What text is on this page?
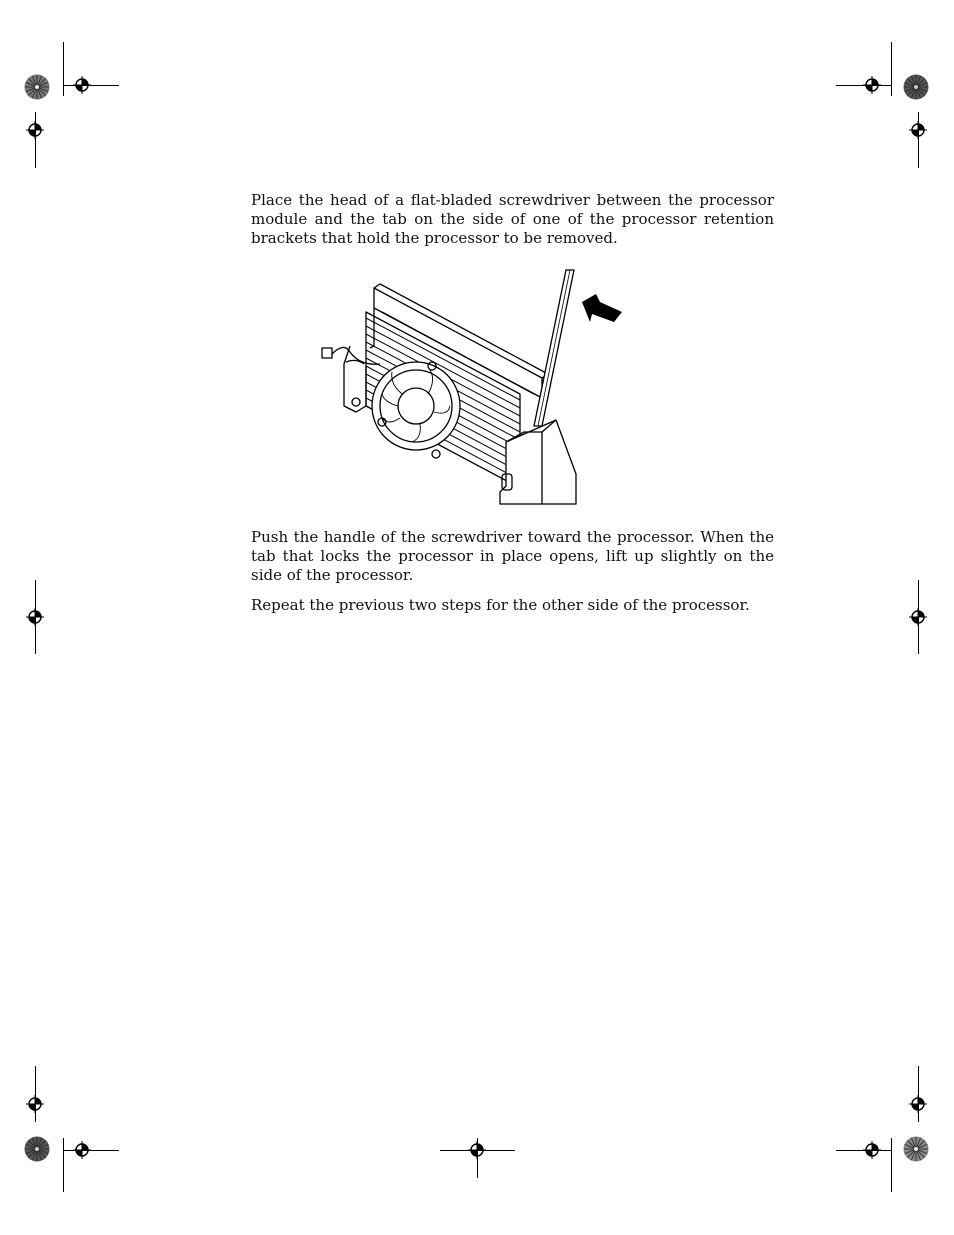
Place the head of a flat-bladed screwdriver between the processor module and the tab on the side of one of the processor retention brackets that hold the processor to be removed.

Push the handle of the screwdriver toward the processor. When the tab that locks the processor in place opens, lift up slightly on the side of the processor.

Repeat the previous two steps for the other side of the processor.
